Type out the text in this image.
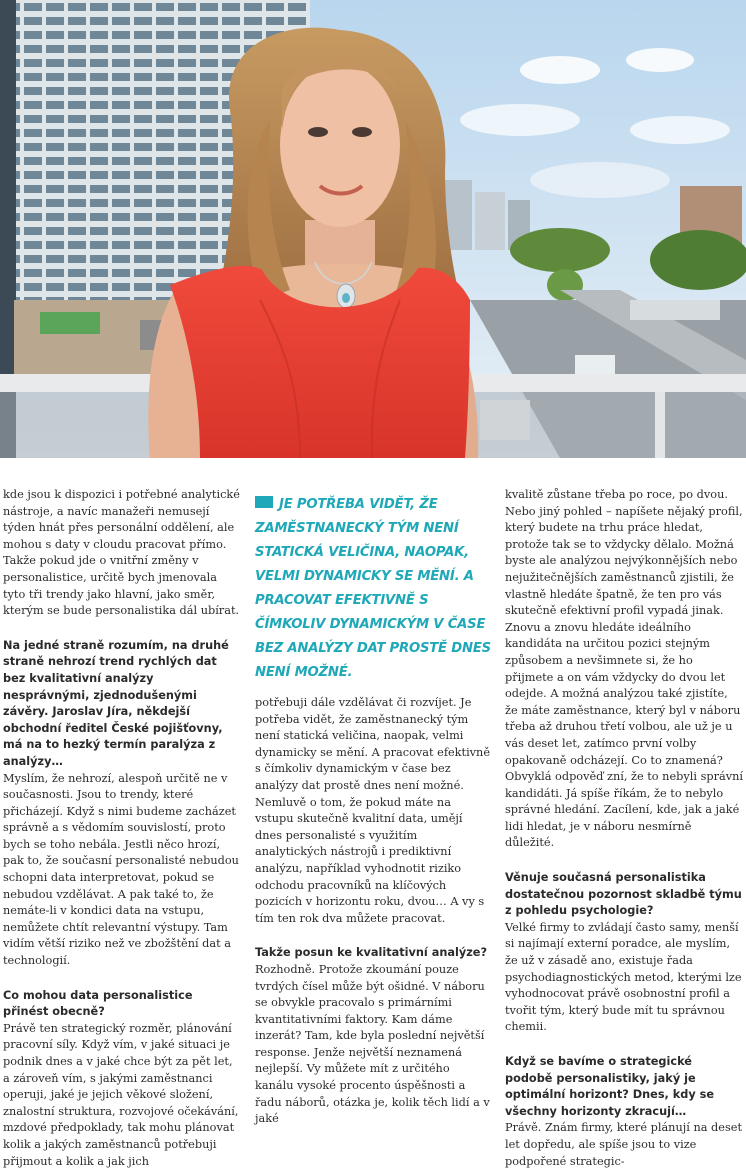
kde jsou k dispozici i potřebné analytické nástroje, a navíc manažeři nemusejí týden hnát přes personální oddělení, ale mohou s daty v cloudu pracovat přímo. Takže pokud jde o vnitřní změny v personalistice, určitě bych jmenovala tyto tři trendy jako hlavní, jako směr, kterým se bude personalistika dál ubírat.

Na jedné straně rozumím, na druhé straně nehrozí trend rychlých dat bez kvalitativní analýzy nesprávnými, zjednodušenými závěry. Jaroslav Jíra, někdejší obchodní ředitel České pojišťovny, má na to hezký termín paralýza z analýzy…

Myslím, že nehrozí, alespoň určitě ne v současnosti. Jsou to trendy, které přicházejí. Když s nimi budeme zacházet správně a s vědomím souvislostí, proto bych se toho nebála. Jestli něco hrozí, pak to, že současní personalisté nebudou schopni data interpretovat, pokud se nebudou vzdělávat. A pak také to, že nemáte-li v kondici data na vstupu, nemůžete chtít relevantní výstupy. Tam vidím větší riziko než ve zbožštění dat a technologií.

Co mohou data personalistice přinést obecně?

Právě ten strategický rozměr, plánování pracovní síly. Když vím, v jaké situaci je podnik dnes a v jaké chce být za pět let, a zároveň vím, s jakými zaměstnanci operuji, jaké je jejich věkové složení, znalostní struktura, rozvojové očekávání, mzdové předpoklady, tak mohu plánovat kolik a jakých zaměstnanců potřebuji přijmout a kolik a jak jich

JE POTŘEBA VIDĚT, ŽE ZAMĚSTNANECKÝ TÝM NENÍ STATICKÁ VELIČINA, NAOPAK, VELMI DYNAMICKY SE MĚNÍ. A PRACOVAT EFEKTIVNĚ S ČÍMKOLIV DYNAMICKÝM V ČASE BEZ ANALÝZY DAT PROSTĚ DNES NENÍ MOŽNÉ.

potřebuji dále vzdělávat či rozvíjet. Je potřeba vidět, že zaměstnanecký tým není statická veličina, naopak, velmi dynamicky se mění. A pracovat efektivně s čímkoliv dynamickým v čase bez analýzy dat prostě dnes není možné. Nemluvě o tom, že pokud máte na vstupu skutečně kvalitní data, umějí dnes personalisté s využitím analytických nástrojů i prediktivní analýzu, například vyhodnotit riziko odchodu pracovníků na klíčových pozicích v horizontu roku, dvou… A vy s tím ten rok dva můžete pracovat.

Takže posun ke kvalitativní analýze?

Rozhodně. Protože zkoumání pouze tvrdých čísel může být ošidné. V náboru se obvykle pracovalo s primárními kvantitativními faktory. Kam dáme inzerát? Tam, kde byla poslední největší response. Jenže největší neznamená nejlepší. Vy můžete mít z určitého kanálu vysoké procento úspěšnosti a řadu náborů, otázka je, kolik těch lidí a v jaké

kvalitě zůstane třeba po roce, po dvou. Nebo jiný pohled – napíšete nějaký profil, který budete na trhu práce hledat, protože tak se to vždycky dělalo. Možná byste ale analýzou nejvýkonnějších nebo nejužitečnějších zaměstnanců zjistili, že vlastně hledáte špatně, že ten pro vás skutečně efektivní profil vypadá jinak. Znovu a znovu hledáte ideálního kandidáta na určitou pozici stejným způsobem a nevšimnete si, že ho přijmete a on vám vždycky do dvou let odejde. A možná analýzou také zjistíte, že máte zaměstnance, který byl v náboru třeba až druhou třetí volbou, ale už je u vás deset let, zatímco první volby opakovaně odcházejí. Co to znamená? Obvyklá odpověď zní, že to nebyli správní kandidáti. Já spíše říkám, že to nebylo správné hledání. Zacílení, kde, jak a jaké lidi hledat, je v náboru nesmírně důležité.

Věnuje současná personalistika dostatečnou pozornost skladbě týmu z pohledu psychologie?

Velké firmy to zvládají často samy, menší si najímají externí poradce, ale myslím, že už v zásadě ano, existuje řada psychodiagnostických metod, kterými lze vyhodnocovat právě osobnostní profil a tvořit tým, který bude mít tu správnou chemii.

Když se bavíme o strategické podobě personalistiky, jaký je optimální horizont? Dnes, kdy se všechny horizonty zkracují…

Právě. Znám firmy, které plánují na deset let dopředu, ale spíše jsou to vize podpořené strategic-
